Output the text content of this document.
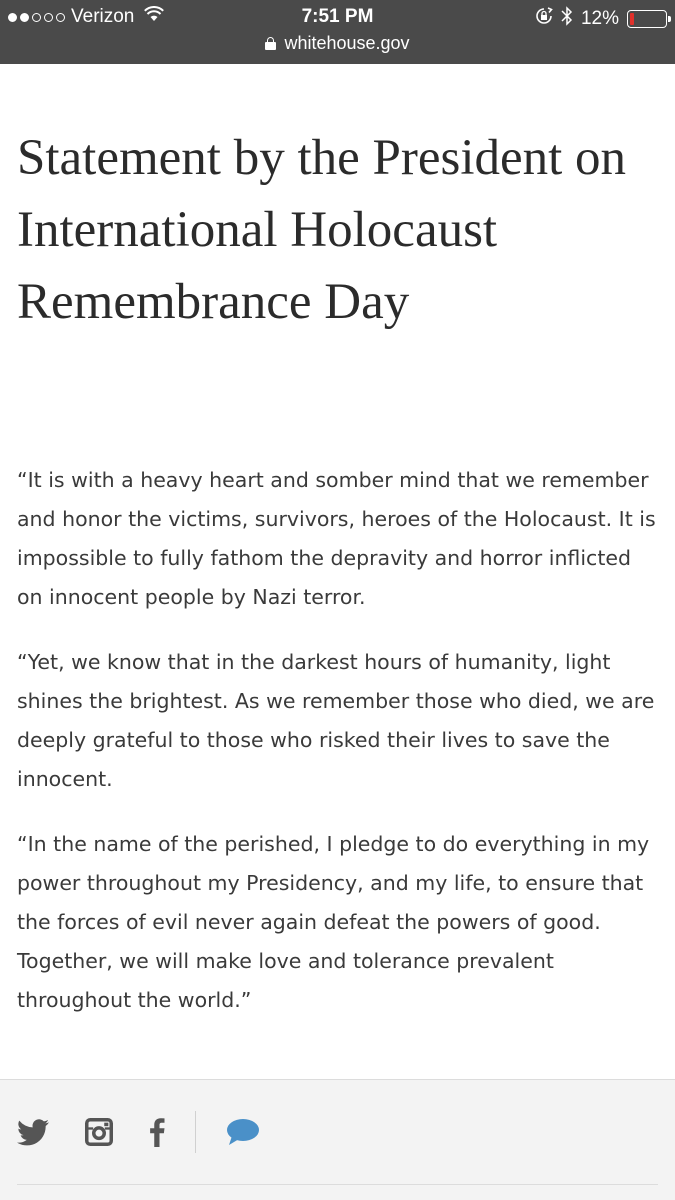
Verizon	7:51 PM	12%
whitehouse.gov
Statement by the President on International Holocaust Remembrance Day

“It is with a heavy heart and somber mind that we remember and honor the victims, survivors, heroes of the Holocaust. It is impossible to fully fathom the depravity and horror inflicted on innocent people by Nazi terror.

“Yet, we know that in the darkest hours of humanity, light shines the brightest. As we remember those who died, we are deeply grateful to those who risked their lives to save the innocent.

“In the name of the perished, I pledge to do everything in my power throughout my Presidency, and my life, to ensure that the forces of evil never again defeat the powers of good. Together, we will make love and tolerance prevalent throughout the world.”
